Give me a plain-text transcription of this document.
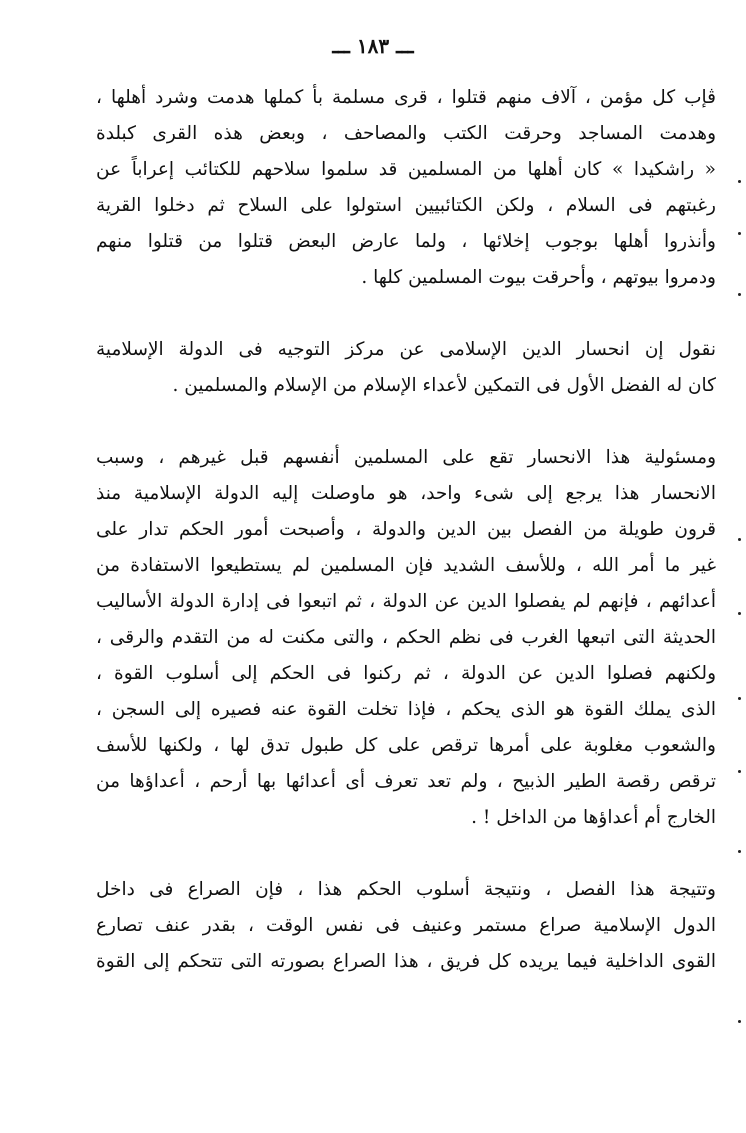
ـــ ١٨٣ ـــ
ڤإب كل مؤمن ، آلاف منهم قتلوا ، قرى مسلمة بأ كملها هدمت وشرد أهلها ،
وهدمت المساجد وحرقت الكتب والمصاحف ، وبعض هذه القرى كبلدة
« راشكيدا » كان أهلها من المسلمين قد سلموا سلاحهم للكتائب إعراباً عن
رغبتهم فى السلام ، ولكن الكتائبيين استولوا على السلاح ثم دخلوا القرية
وأنذروا أهلها بوجوب إخلائها ، ولما عارض البعض قتلوا من قتلوا منهم
ودمروا بيوتهم ، وأحرقت بيوت المسلمين كلها .
نقول إن انحسار الدين الإسلامى عن مركز التوجيه فى الدولة الإسلامية
كان له الفضل الأول فى التمكين لأعداء الإسلام من الإسلام والمسلمين .
ومسئولية هذا الانحسار تقع على المسلمين أنفسهم قبل غيرهم ، وسبب
الانحسار هذا يرجع إلى شىء واحد، هو ماوصلت إليه الدولة الإسلامية منذ
قرون طويلة من الفصل بين الدين والدولة ، وأصبحت أمور الحكم تدار على
غير ما أمر الله ، وللأسف الشديد فإن المسلمين لم يستطيعوا الاستفادة من
أعدائهم ، فإنهم لم يفصلوا الدين عن الدولة ، ثم اتبعوا فى إدارة الدولة الأساليب
الحديثة التى اتبعها الغرب فى نظم الحكم ، والتى مكنت له من التقدم والرقى ،
ولكنهم فصلوا الدين عن الدولة ، ثم ركنوا فى الحكم إلى أسلوب القوة ،
الذى يملك القوة هو الذى يحكم ، فإذا تخلت القوة عنه فصيره إلى السجن ،
والشعوب مغلوبة على أمرها ترقص على كل طبول تدق لها ، ولكنها للأسف
ترقص رقصة الطير الذبيح ، ولم تعد تعرف أى أعدائها بها أرحم ، أعداؤها من
الخارج أم أعداؤها من الداخل ! .
وتتيجة هذا الفصل ، ونتيجة أسلوب الحكم هذا ، فإن الصراع فى داخل
الدول الإسلامية صراع مستمر وعنيف فى نفس الوقت ، بقدر عنف تصارع
القوى الداخلية فيما يريده كل فريق ، هذا الصراع بصورته التى تتحكم إلى القوة
